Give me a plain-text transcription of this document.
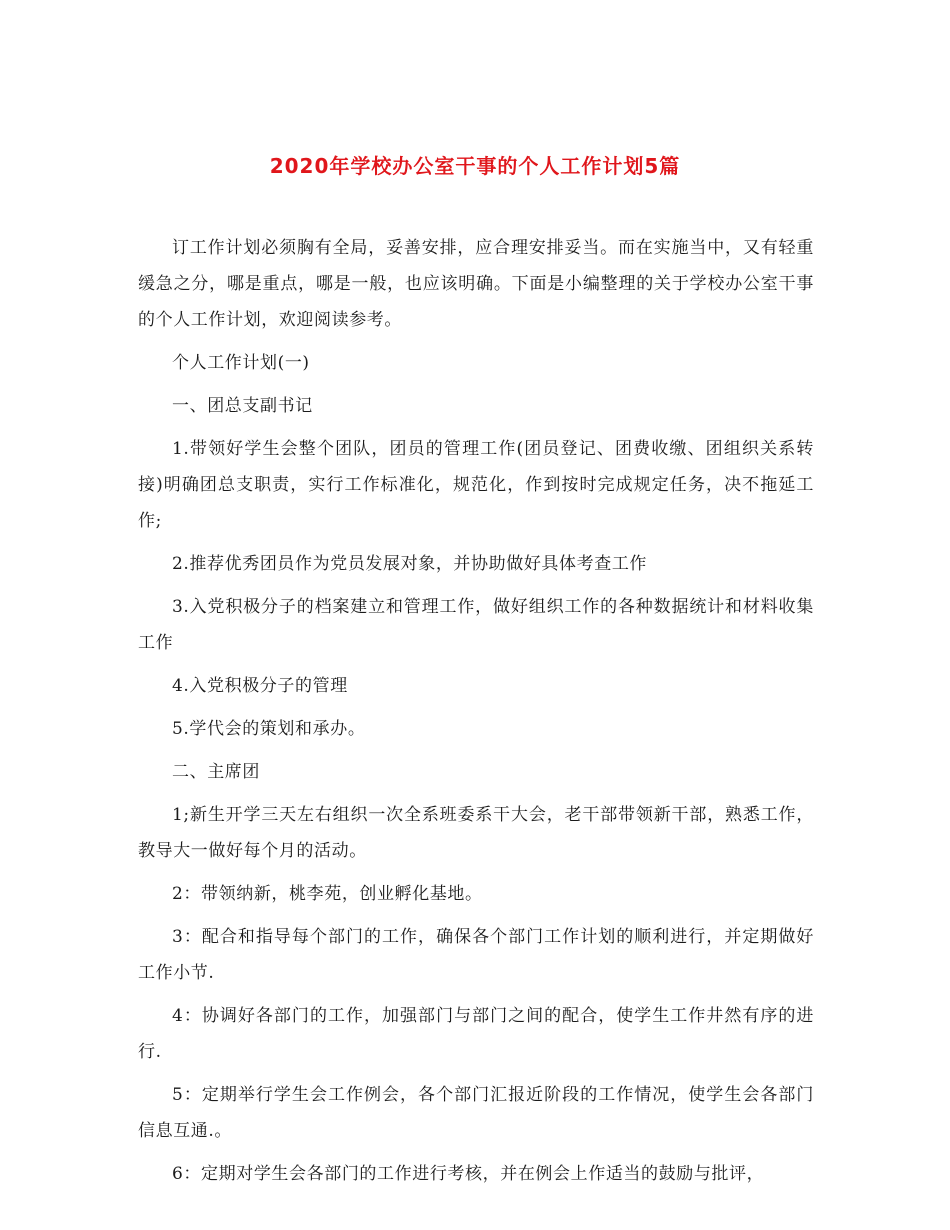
2020年学校办公室干事的个人工作计划5篇

订工作计划必须胸有全局，妥善安排，应合理安排妥当。而在实施当中，又有轻重缓急之分，哪是重点，哪是一般，也应该明确。下面是小编整理的关于学校办公室干事的个人工作计划，欢迎阅读参考。

个人工作计划(一)

一、团总支副书记

1.带领好学生会整个团队，团员的管理工作(团员登记、团费收缴、团组织关系转接)明确团总支职责，实行工作标准化，规范化，作到按时完成规定任务，决不拖延工作;

2.推荐优秀团员作为党员发展对象，并协助做好具体考查工作

3.入党积极分子的档案建立和管理工作，做好组织工作的各种数据统计和材料收集工作

4.入党积极分子的管理

5.学代会的策划和承办。

二、主席团

1;新生开学三天左右组织一次全系班委系干大会，老干部带领新干部，熟悉工作，教导大一做好每个月的活动。

2：带领纳新，桃李苑，创业孵化基地。

3：配合和指导每个部门的工作，确保各个部门工作计划的顺利进行，并定期做好工作小节.

4：协调好各部门的工作，加强部门与部门之间的配合，使学生工作井然有序的进行.

5：定期举行学生会工作例会，各个部门汇报近阶段的工作情况，使学生会各部门信息互通.。

6：定期对学生会各部门的工作进行考核，并在例会上作适当的鼓励与批评，
